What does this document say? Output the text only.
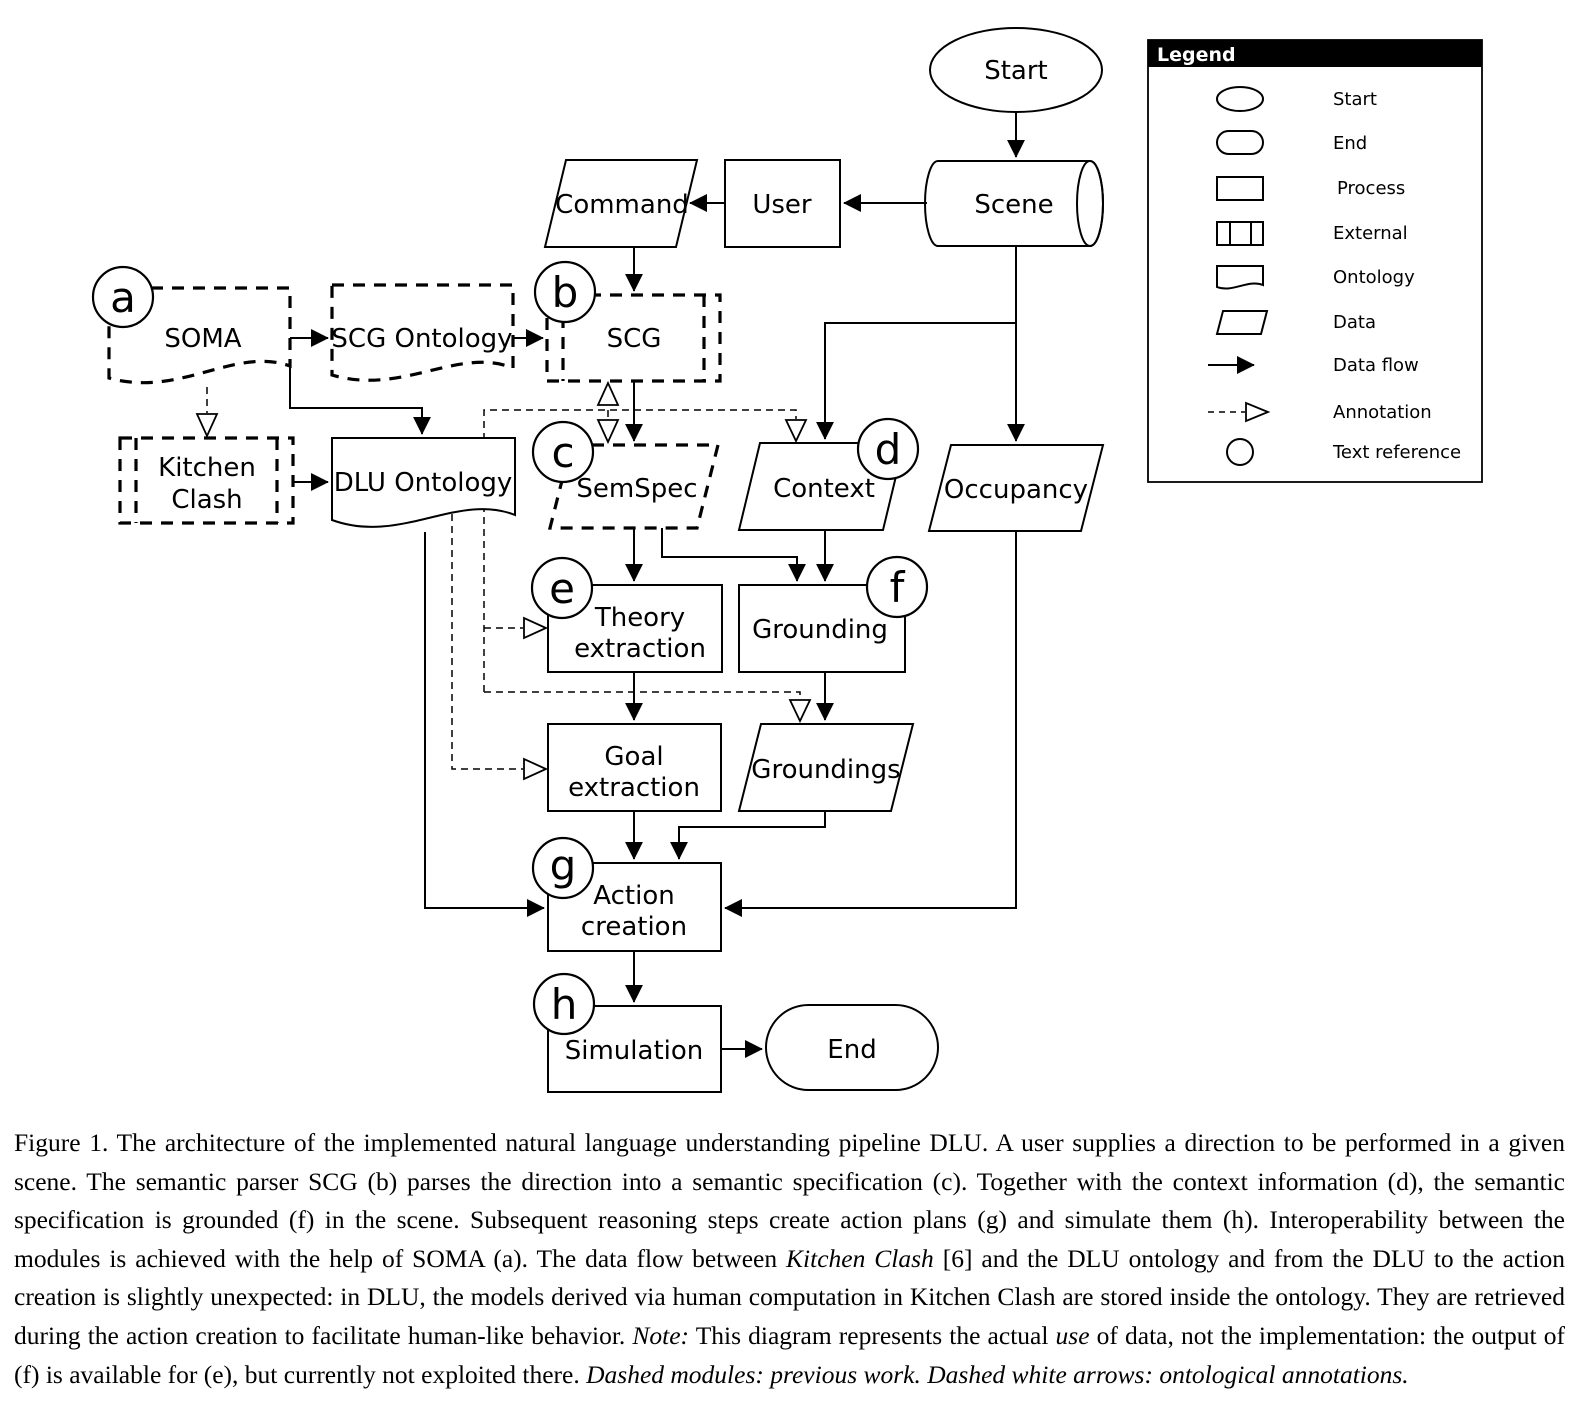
Start
Command User	Scene
SOMA	SCG Ontology	SCG
Kitchen
Clash
DLU Ontology SemSpec	Context	Occupancy
Theory
extraction
Grounding
Goal
extraction
Groundings
Action
creation
Simulation	End
a	b
c	d
e	f
g
h
Legend
Start
End
Process
External
Ontology
Data
Data flow
Annotation
Text reference
Figure 1. The architecture of the implemented natural language understanding pipeline DLU. A user supplies a direction to be performed in a given scene. The semantic parser SCG (b) parses the direction into a semantic specification (c). Together with the context information (d), the semantic specification is grounded (f) in the scene. Subsequent reasoning steps create action plans (g) and simulate them (h). Interoperability between the modules is achieved with the help of SOMA (a). The data flow between Kitchen Clash [6] and the DLU ontology and from the DLU to the action creation is slightly unexpected: in DLU, the models derived via human computation in Kitchen Clash are stored inside the ontology. They are retrieved during the action creation to facilitate human-like behavior. Note: This diagram represents the actual use of data, not the implementation: the output of (f) is available for (e), but currently not exploited there. Dashed modules: previous work. Dashed white arrows: ontological annotations.
